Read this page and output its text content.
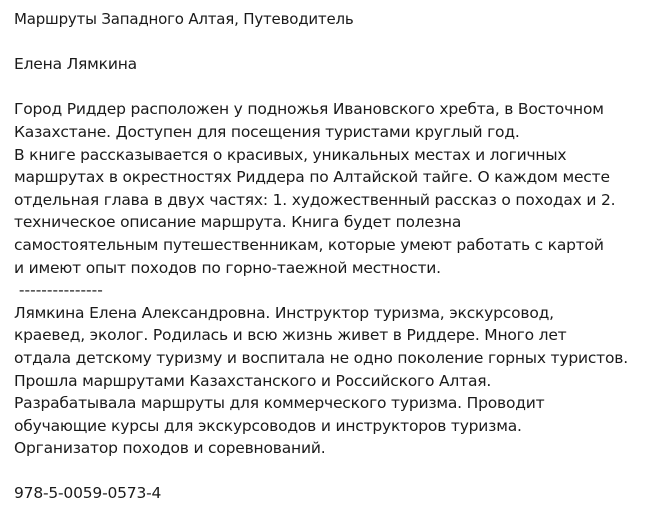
Маршруты Западного Алтая, Путеводитель
Елена Лямкина
Город Риддер расположен у подножья Ивановского хребта, в Восточном
Казахстане. Доступен для посещения туристами круглый год.
В книге рассказывается о красивых, уникальных местах и логичных
маршрутах в окрестностях Риддера по Алтайской тайге. О каждом месте
отдельная глава в двух частях: 1. художественный рассказ о походах и 2.
техническое описание маршрута. Книга будет полезна
самостоятельным путешественникам, которые умеют работать с картой
и имеют опыт походов по горно-таежной местности.
---------------
Лямкина Елена Александровна. Инструктор туризма, экскурсовод,
краевед, эколог. Родилась и всю жизнь живет в Риддере. Много лет
отдала детскому туризму и воспитала не одно поколение горных туристов.
Прошла маршрутами Казахстанского и Российского Алтая.
Разрабатывала маршруты для коммерческого туризма. Проводит
обучающие курсы для экскурсоводов и инструкторов туризма.
Организатор походов и соревнований.
978-5-0059-0573-4
